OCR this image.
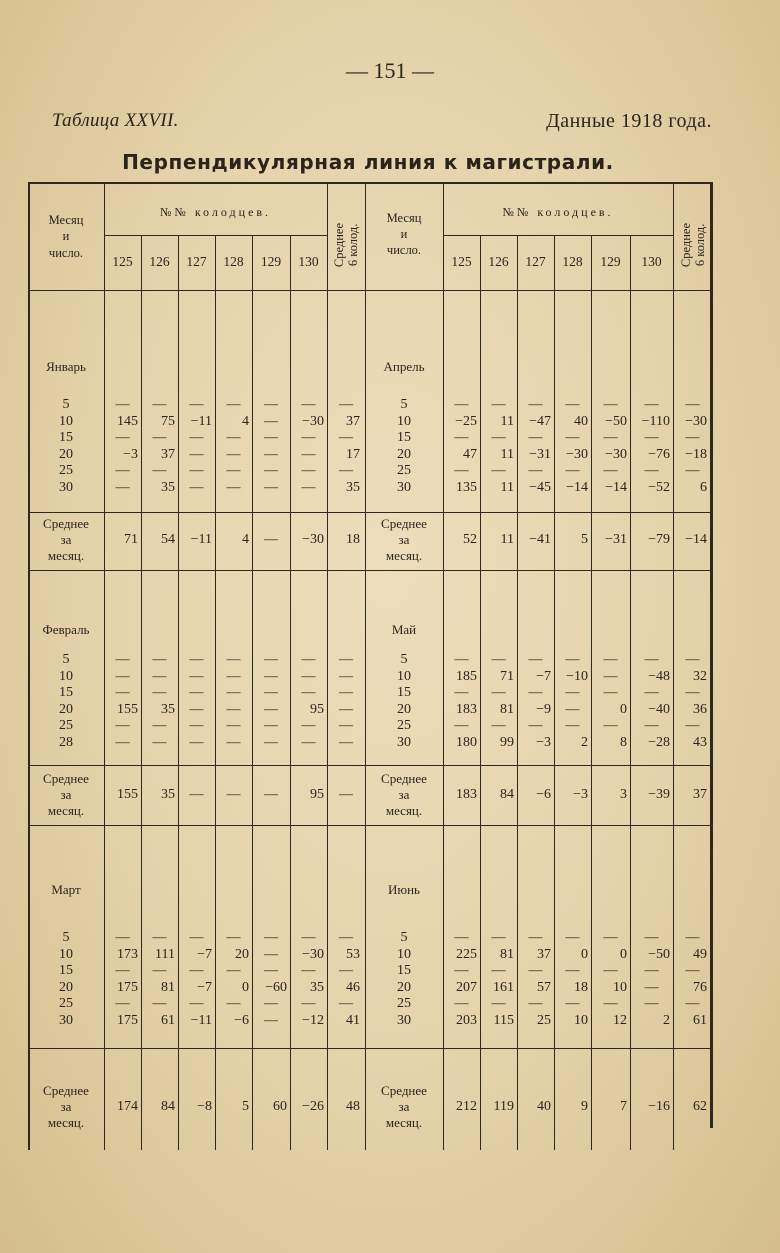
— 151 —
Таблица XXVII.	Данные 1918 года.
Перпендикулярная линия к магистрали.
Месяц
и
число.
№№ колодцев.
125	126	127	128	129	130	Среднее 6 колод.
Январь
5	—	—	—	—	—	—	—
10	145	75	−11	4	—	−30	37
15	—	—	—	—	—	—	—
20	−3	37	—	—	—	—	17
25	—	—	—	—	—	—	—
30	—	35	—	—	—	—	35
Среднее
за
месяц.
71	54	−11	4	—	−30	18
Февраль
5	—	—	—	—	—	—	—
10	—	—	—	—	—	—	—
15	—	—	—	—	—	—	—
20	155	35	—	—	—	95	—
25	—	—	—	—	—	—	—
28	—	—	—	—	—	—	—
Среднее
за
месяц.
155	35	—	—	—	95	—
Март
5	—	—	—	—	—	—	—
10	173	111	−7	20	—	−30	53
15	—	—	—	—	—	—	—
20	175	81	−7	0	−60	35	46
25	—	—	—	—	—	—	—
30	175	61	−11	−6	—	−12	41
Среднее
за
месяц.
174	84	−8	5	60	−26	48
Месяц
и
число.
№№ колодцев.
125	126	127	128	129	130	Среднее 6 колод.
Апрель
5	—	—	—	—	—	—	—
10	−25	11	−47	40	−50	−110	−30
15	—	—	—	—	—	—	—
20	47	11	−31	−30	−30	−76	−18
25	—	—	—	—	—	—	—
30	135	11	−45	−14	−14	−52	6
Среднее
за
месяц.
52	11	−41	5	−31	−79	−14
Май
5	—	—	—	—	—	—	—
10	185	71	−7	−10	—	−48	32
15	—	—	—	—	—	—	—
20	183	81	−9	—	0	−40	36
25	—	—	—	—	—	—	—
30	180	99	−3	2	8	−28	43
Среднее
за
месяц.
183	84	−6	−3	3	−39	37
Июнь
5	—	—	—	—	—	—	—
10	225	81	37	0	0	−50	49
15	—	—	—	—	—	—	—
20	207	161	57	18	10	—	76
25	—	—	—	—	—	—	—
30	203	115	25	10	12	2	61
Среднее
за
месяц.
212	119	40	9	7	−16	62
